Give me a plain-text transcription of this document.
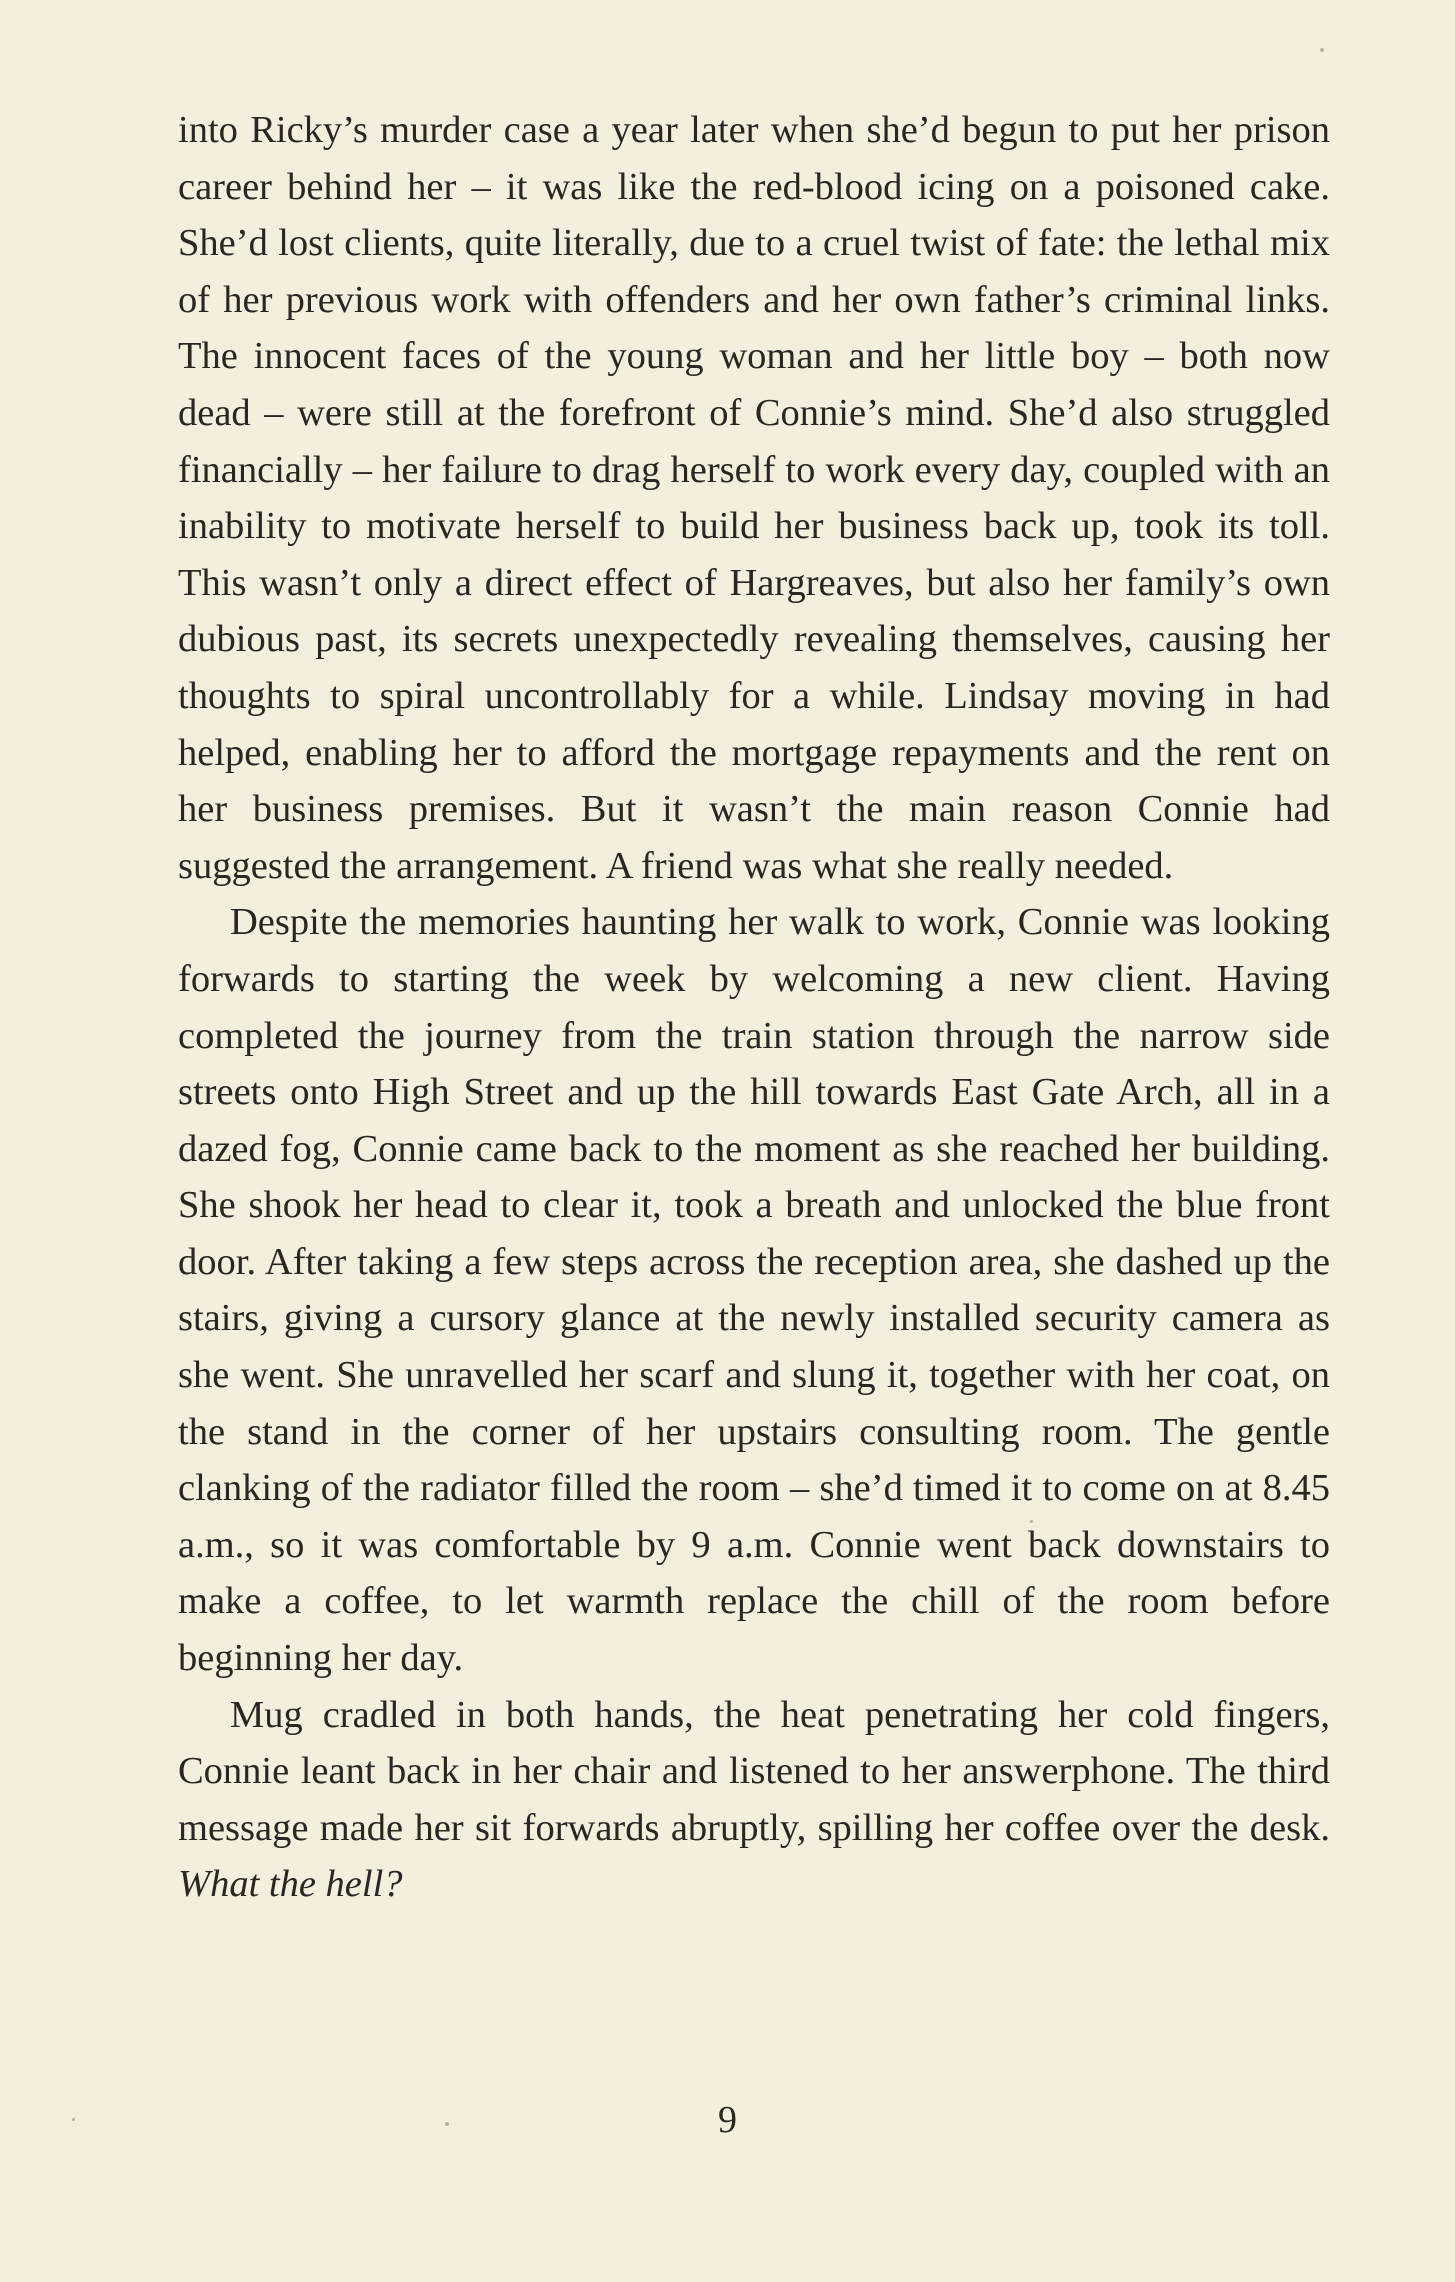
into Ricky’s murder case a year later when she’d begun to put her prison career behind her – it was like the red-blood icing on a poisoned cake. She’d lost clients, quite literally, due to a cruel twist of fate: the lethal mix of her previous work with offenders and her own father’s criminal links. The innocent faces of the young woman and her little boy – both now dead – were still at the forefront of Connie’s mind. She’d also struggled financially – her failure to drag herself to work every day, coupled with an inability to motivate herself to build her business back up, took its toll. This wasn’t only a direct effect of Hargreaves, but also her family’s own dubious past, its secrets unexpectedly revealing themselves, causing her thoughts to spiral uncontrollably for a while. Lindsay moving in had helped, enabling her to afford the mortgage repayments and the rent on her business premises. But it wasn’t the main reason Connie had suggested the arrangement. A friend was what she really needed.

Despite the memories haunting her walk to work, Connie was looking forwards to starting the week by welcoming a new client. Having completed the journey from the train station through the narrow side streets onto High Street and up the hill towards East Gate Arch, all in a dazed fog, Connie came back to the moment as she reached her building. She shook her head to clear it, took a breath and unlocked the blue front door. After taking a few steps across the reception area, she dashed up the stairs, giving a cursory glance at the newly installed security camera as she went. She unravelled her scarf and slung it, together with her coat, on the stand in the corner of her upstairs consulting room. The gentle clanking of the radiator filled the room – she’d timed it to come on at 8.45 a.m., so it was comfortable by 9 a.m. Connie went back downstairs to make a coffee, to let warmth replace the chill of the room before beginning her day.

Mug cradled in both hands, the heat penetrating her cold fingers, Connie leant back in her chair and listened to her answerphone. The third message made her sit forwards abruptly, spilling her coffee over the desk. What the hell?

9
